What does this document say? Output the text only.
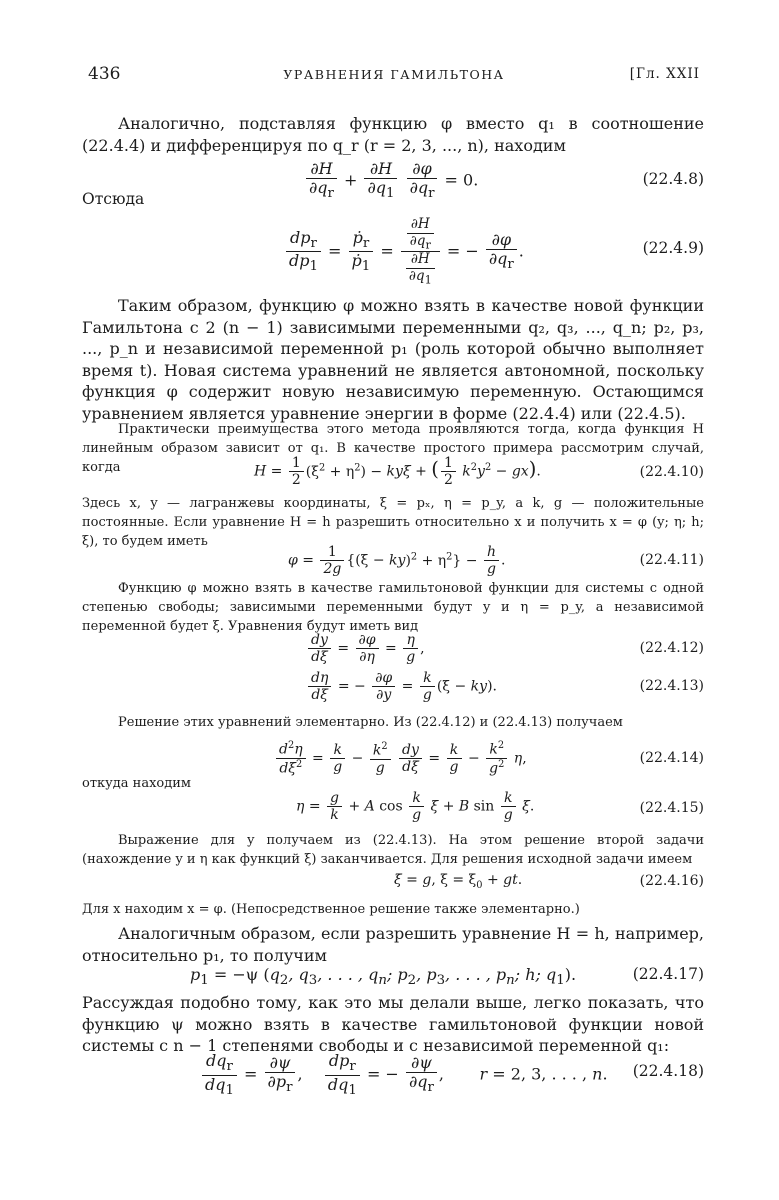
436	УРАВНЕНИЯ ГАМИЛЬТОНА	[Гл. XXII

Аналогично, подставляя функцию φ вместо q₁ в соотношение (22.4.4) и дифференцируя по q_r (r = 2, 3, ..., n), находим

$\frac{\partial H}{\partial q_r} + \frac{\partial H}{\partial q_1}$
$\frac{\partial\varphi}{\partial q_r} = 0$.	(22.4.8)
Отсюда
$dp_r$
$dp_1$
= $\frac{ṗ_r}{ṗ_1} = \frac{\frac{\partial H}{\partial q_r}}{\frac{\partial H}{\partial q_1}}$ = − $\frac{\partial\varphi}{\partial q_r}$ .	(22.4.9)

Таким образом, функцию φ можно взять в качестве новой функции Гамильтона с 2 (n − 1) зависимыми переменными q₂, q₃, ..., q_n; p₂, p₃, ..., p_n и независимой переменной p₁ (роль которой обычно выполняет время t). Новая система уравнений не является автономной, поскольку функция φ содержит новую независимую переменную. Остающимся уравнением является уравнение энергии в форме (22.4.4) или (22.4.5).

Практически преимущества этого метода проявляются тогда, когда функция H линейным образом зависит от q₁. В качестве простого примера рассмотрим случай, когда	$H = \frac{1}{2} (\xi^2 + \eta^2) - ky\xi$ + ( $\frac{1}{2} k^2y^2 - gx$).	(22.4.10)

Здесь x, y — лагранжевы координаты, ξ = pₓ, η = p_y, а k, g — положительные постоянные. Если уравнение H = h разрешить относительно x и получить x = φ (y; η; h; ξ), то будем иметь

$\varphi = \frac{1}{2g} \{(\xi - ky)^2 + \eta^2\} - \frac{h}{g}$ .	(22.4.11)

Функцию φ можно взять в качестве гамильтоновой функции для системы с одной степенью свободы; зависимыми переменными будут y и η = p_y, а независимой переменной будет ξ. Уравнения будут иметь вид

$\frac{dy}{d\xi} = \frac{\partial\varphi}{\partial\eta} = \frac{\eta}{g}$ ,	(22.4.12)
$\frac{d\eta}{d\xi}$ = − $\frac{\partial\varphi}{\partial y} = \frac{k}{g} (\xi - ky)$.	(22.4.13)

Решение этих уравнений элементарно. Из (22.4.12) и (22.4.13) получаем

$\frac{d^2\eta}{d\xi^2} = \frac{k}{g} - \frac{k^2}{g}$
$\frac{dy}{d\xi} = \frac{k}{g} - \frac{k^2}{g^2} \eta$,	(22.4.14)

откуда находим

$\eta = \frac{g}{k} + A$ $\cos \frac{k}{g}$ ξ + B $\sin \frac{k}{g} \xi$.	(22.4.15)

Выражение для y получаем из (22.4.13). На этом решение второй задачи (нахождение y и η как функций ξ) заканчивается. Для решения исходной задачи имеем

ξ̇ = g, $\xi = \xi_0$ + gt.	(22.4.16)

Для x находим x = φ. (Непосредственное решение также элементарно.)

Аналогичным образом, если разрешить уравнение H = h, например, относительно p₁, то получим

$p_1 = -\psi$ ($q_2$, $q_3$, . . . , $q_n$; $p_2$, $p_3$, . . . , $p_n$; h; $q_1$).	(22.4.17)

Рассуждая подобно тому, как это мы делали выше, легко показать, что функцию ψ можно взять в качестве гамильтоновой функции новой системы с n − 1 степенями свободы и с независимой переменной q₁:

$dq_r$
$dq_1$
= $\frac{\partial\psi}{\partial p_r}$ ,
$dp_r$
$dq_1$
= − $\frac{\partial\psi}{\partial q_r}$ ,       r = 2, 3, . . . , n. (22.4.18)
